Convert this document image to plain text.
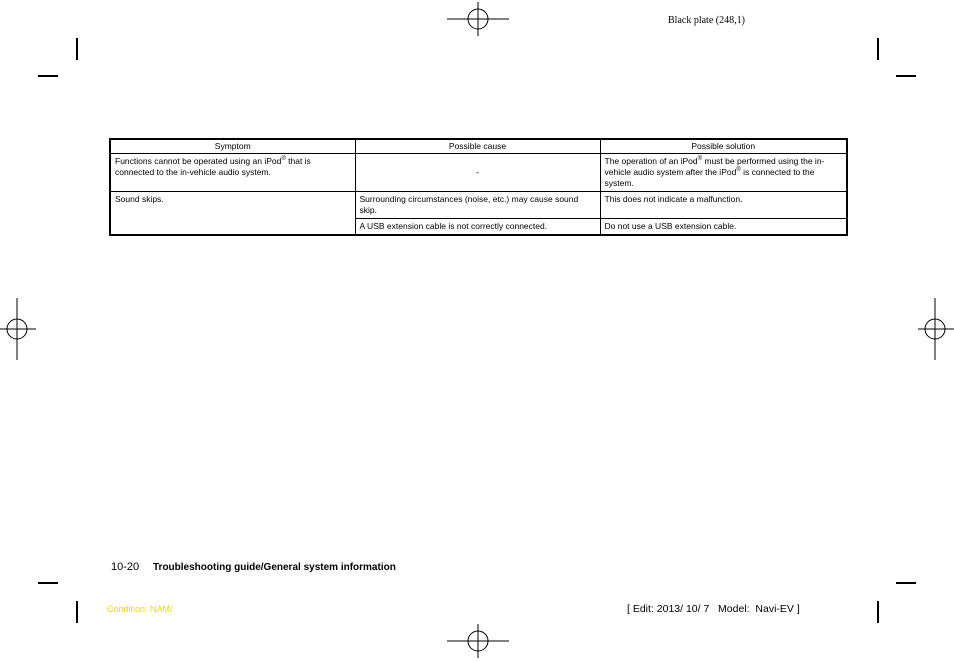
Black plate (248,1)
Symptom	Possible cause	Possible solution
Functions cannot be operated using an iPod® that is connected to the in-vehicle audio system.	-	The operation of an iPod® must be performed using the in-vehicle audio system after the iPod® is connected to the system.
Sound skips.	Surrounding circumstances (noise, etc.) may cause sound skip.	This does not indicate a malfunction.
	A USB extension cable is not correctly connected.	Do not use a USB extension cable.
10-20 Troubleshooting guide/General system information
Condition: NAM/	[ Edit: 2013/ 10/ 7   Model:  Navi-EV ]
